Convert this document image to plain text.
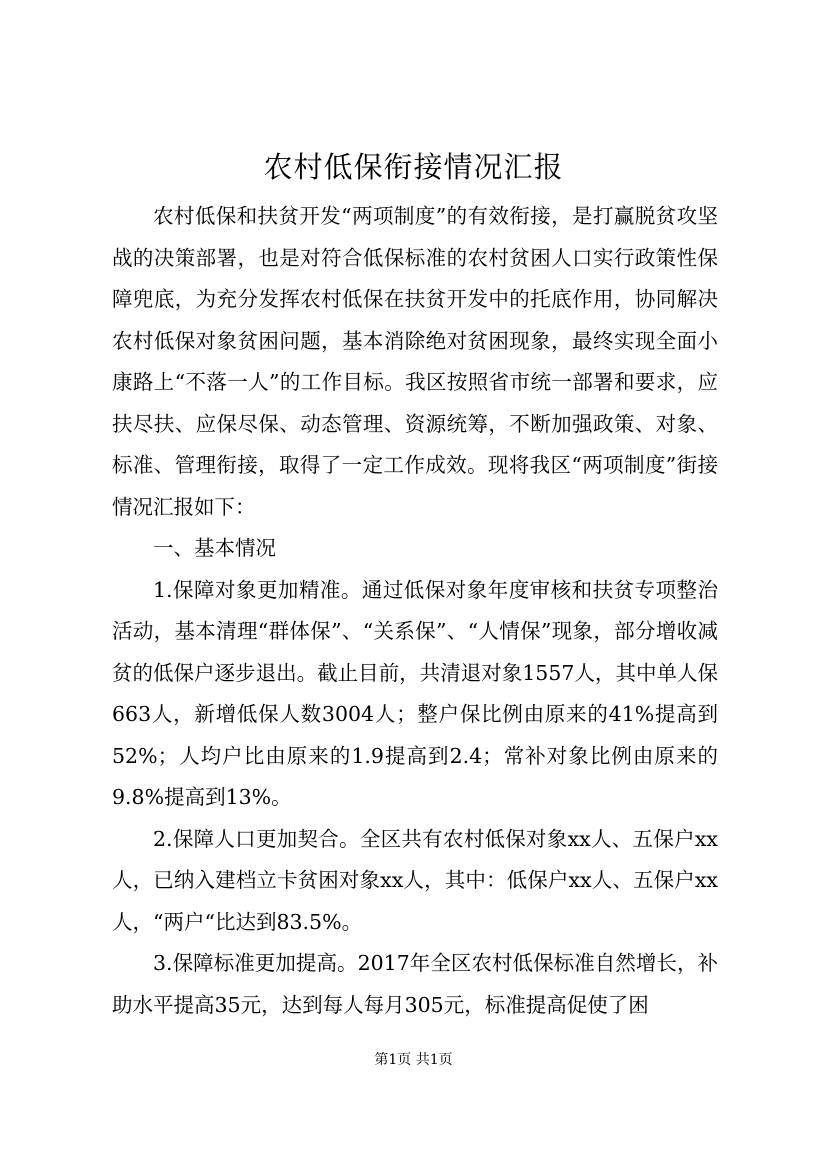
农村低保衔接情况汇报

农村低保和扶贫开发“两项制度”的有效衔接，是打赢脱贫攻坚战的决策部署，也是对符合低保标准的农村贫困人口实行政策性保障兜底，为充分发挥农村低保在扶贫开发中的托底作用，协同解决农村低保对象贫困问题，基本消除绝对贫困现象，最终实现全面小康路上“不落一人”的工作目标。我区按照省市统一部署和要求，应扶尽扶、应保尽保、动态管理、资源统筹，不断加强政策、对象、标准、管理衔接，取得了一定工作成效。现将我区“两项制度”街接情况汇报如下：

一、基本情况

1.保障对象更加精准。通过低保对象年度审核和扶贫专项整治活动，基本清理“群体保”、“关系保”、“人情保”现象，部分增收减贫的低保户逐步退出。截止目前，共清退对象1557人，其中单人保663人，新增低保人数3004人；整户保比例由原来的41%提高到52%；人均户比由原来的1.9提高到2.4；常补对象比例由原来的9.8%提高到13%。

2.保障人口更加契合。全区共有农村低保对象xx人、五保户xx人，已纳入建档立卡贫困对象xx人，其中：低保户xx人、五保户xx人，“两户“比达到83.5%。

3.保障标准更加提高。2017年全区农村低保标准自然增长，补助水平提高35元，达到每人每月305元，标准提高促使了困

第1页 共1页
